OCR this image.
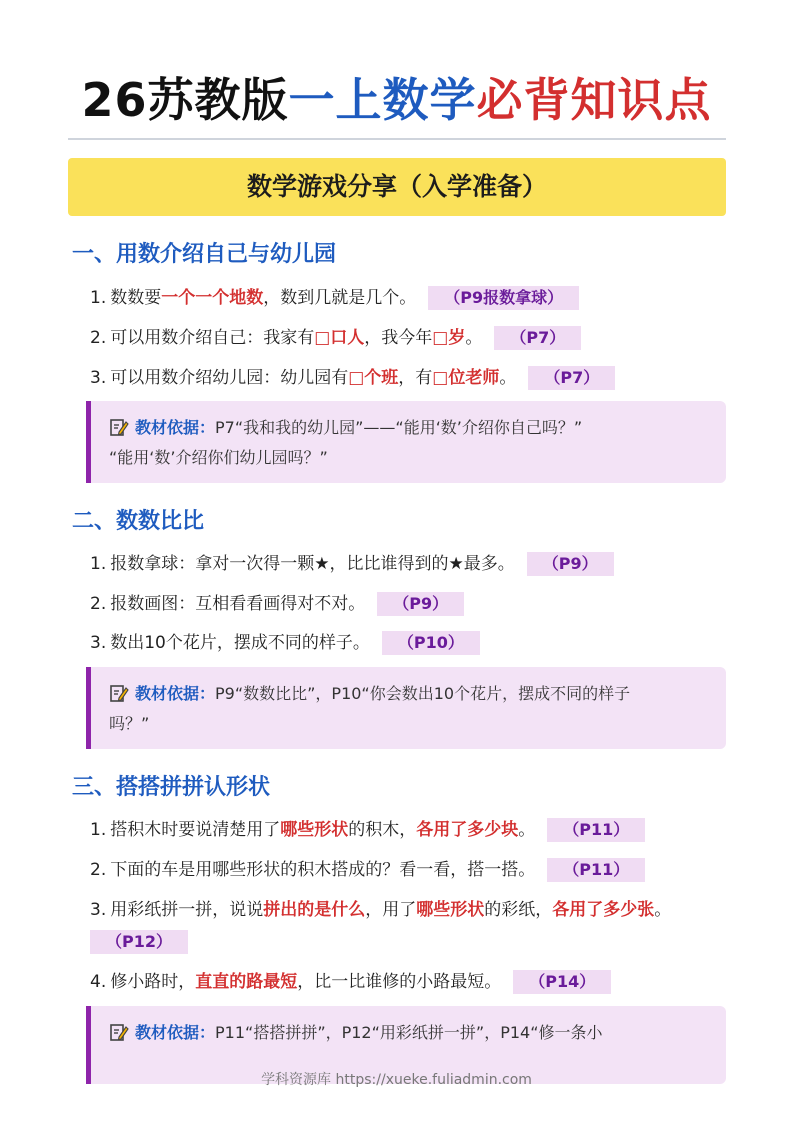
26苏教版一上数学必背知识点
数学游戏分享（入学准备）
一、用数介绍自己与幼儿园
1. 数数要一个一个地数，数到几就是几个。 （P9报数拿球）
2. 可以用数介绍自己：我家有□口人，我今年□岁。 （P7）
3. 可以用数介绍幼儿园：幼儿园有□个班，有□位老师。 （P7）
教材依据：P7“我和我的幼儿园”——“能用‘数’介绍你自己吗？”
“能用‘数’介绍你们幼儿园吗？”
二、数数比比
1. 报数拿球：拿对一次得一颗★，比比谁得到的★最多。 （P9）
2. 报数画图：互相看看画得对不对。 （P9）
3. 数出10个花片，摆成不同的样子。 （P10）
教材依据：P9“数数比比”，P10“你会数出10个花片，摆成不同的样子
吗？”
三、搭搭拼拼认形状
1. 搭积木时要说清楚用了哪些形状的积木，各用了多少块。 （P11）
2. 下面的车是用哪些形状的积木搭成的？看一看，搭一搭。 （P11）
3. 用彩纸拼一拼，说说拼出的是什么，用了哪些形状的彩纸，各用了多少张。
（P12）
4. 修小路时，直直的路最短，比一比谁修的小路最短。 （P14）
教材依据：P11“搭搭拼拼”，P12“用彩纸拼一拼”，P14“修一条小
学科资源库 https://xueke.fuliadmin.com
